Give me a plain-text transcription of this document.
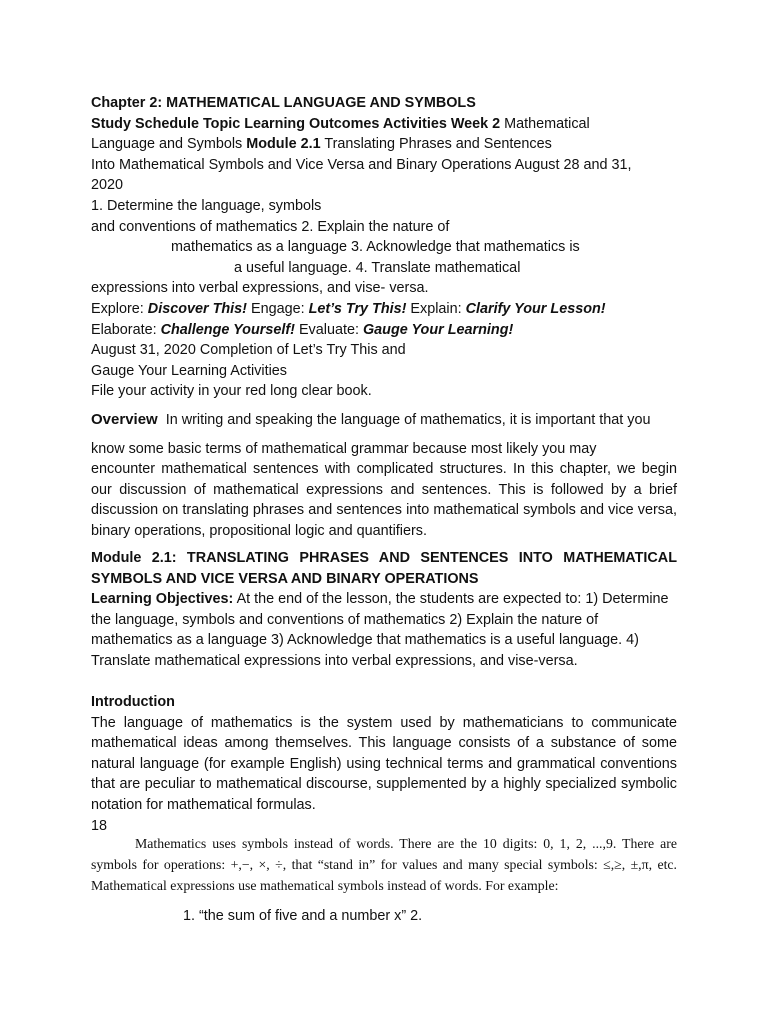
Chapter 2: MATHEMATICAL LANGUAGE AND SYMBOLS
Study Schedule Topic Learning Outcomes Activities Week 2 Mathematical
Language and Symbols Module 2.1 Translating Phrases and Sentences
Into Mathematical Symbols and Vice Versa and Binary Operations August 28 and 31,
2020
1. Determine the language, symbols
and conventions of mathematics 2. Explain the nature of
mathematics as a language 3. Acknowledge that mathematics is
a useful language. 4. Translate mathematical
expressions into verbal expressions, and vise- versa.
Explore: Discover This! Engage: Let’s Try This! Explain: Clarify Your Lesson!
Elaborate: Challenge Yourself! Evaluate: Gauge Your Learning!
August 31, 2020 Completion of Let’s Try This and
Gauge Your Learning Activities
File your activity in your red long clear book.
Overview In writing and speaking the language of mathematics, it is important that you
know some basic terms of mathematical grammar because most likely you may
encounter mathematical sentences with complicated structures. In this chapter, we begin our discussion of mathematical expressions and sentences. This is followed by a brief discussion on translating phrases and sentences into mathematical symbols and vice versa, binary operations, propositional logic and quantifiers.
Module 2.1: TRANSLATING PHRASES AND SENTENCES INTO MATHEMATICAL SYMBOLS AND VICE VERSA AND BINARY OPERATIONS
Learning Objectives: At the end of the lesson, the students are expected to: 1) Determine the language, symbols and conventions of mathematics 2) Explain the nature of mathematics as a language 3) Acknowledge that mathematics is a useful language. 4) Translate mathematical expressions into verbal expressions, and vise-versa.
Introduction
The language of mathematics is the system used by mathematicians to communicate mathematical ideas among themselves. This language consists of a substance of some natural language (for example English) using technical terms and grammatical conventions that are peculiar to mathematical discourse, supplemented by a highly specialized symbolic notation for mathematical formulas.
18
Mathematics uses symbols instead of words. There are the 10 digits: 0, 1, 2, ...,9. There are symbols for operations: +,−, ×, ÷, that “stand in” for values and many special symbols: ≤,≥, ±,π, etc. Mathematical expressions use mathematical symbols instead of words. For example:
1. “the sum of five and a number x” 2.
